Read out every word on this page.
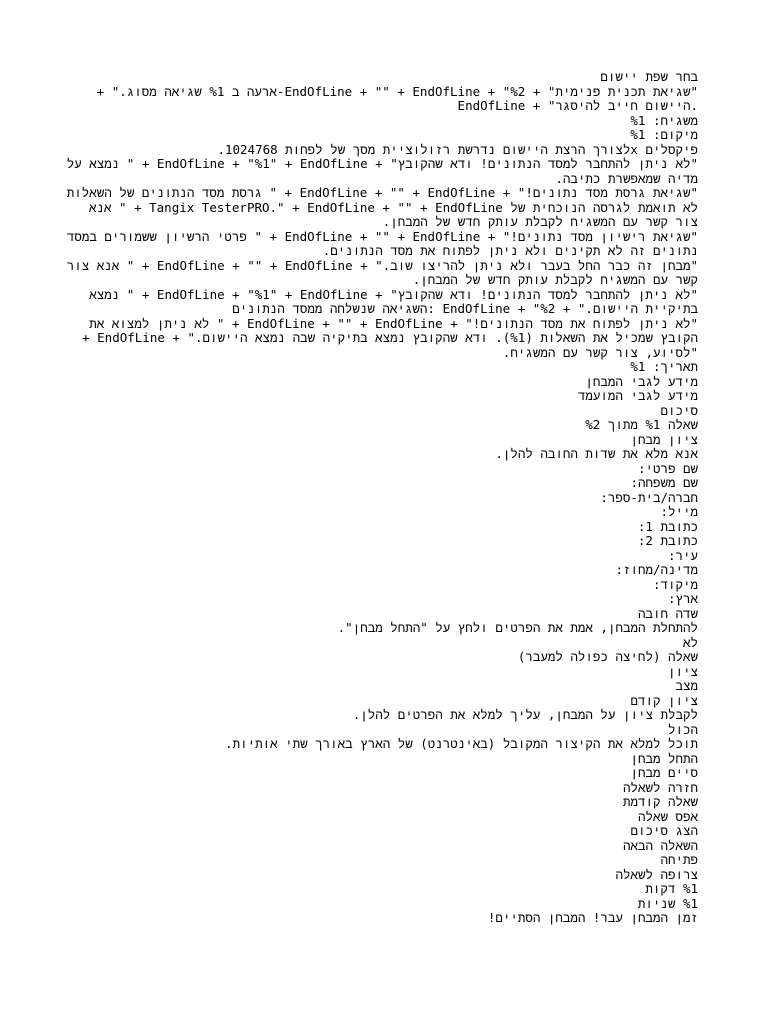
בחר שפת יישום
"שגיאת תכנית פנימית" + EndOfLine + "" + EndOfLine + "%2-ארעה ב %1 שגיאה מסוג." +
EndOfLine + "היישום חייב להיסגר.
משגיח: %1
מיקום: %1
פיקסלים xלצורך הרצת היישום נדרשת רזולוציית מסך של לפחות 1024768.
"לא ניתן להתחבר למסד הנתונים! ודא שהקובץ" + EndOfLine + "%1" + EndOfLine + " נמצא על
מדיה שמאפשרת כתיבה.
"שגיאת גרסת מסד נתונים!" + EndOfLine + "" + EndOfLine + " גרסת מסד הנתונים של השאלות
לא תואמת לגרסה הנוכחית של Tangix TesterPRO." + EndOfLine + "" + EndOfLine + " אנא
צור קשר עם המשגיח לקבלת עותק חדש של המבחן.
"שגיאת רישיון מסד נתונים!" + EndOfLine + "" + EndOfLine + " פרטי הרשיון ששמורים במסד
נתונים זה לא תקינים ולא ניתן לפתוח את מסד הנתונים.
"מבחן זה כבר החל בעבר ולא ניתן להריצו שוב." + EndOfLine + "" + EndOfLine + " אנא צור
קשר עם המשגיח לקבלת עותק חדש של המבחן.
"לא ניתן להתחבר למסד הנתונים! ודא שהקובץ" + EndOfLine + "%1" + EndOfLine + " נמצא
בתיקיית היישום." + EndOfLine + "%2 :השגיאה שנשלחה ממסד הנתונים
"לא ניתן לפתוח את מסד הנתונים!" + EndOfLine + "" + EndOfLine + " לא ניתן למצוא את
הקובץ שמכיל את השאלות (%1). ודא שהקובץ נמצא בתיקיה שבה נמצא היישום." + EndOfLine +
"לסיוע, צור קשר עם המשגיח.
תאריך: %1
מידע לגבי המבחן
מידע לגבי המועמד
סיכום
שאלה %1 מתוך %2
ציון מבחן
אנא מלא את שדות החובה להלן.
שם פרטי:
שם משפחה:
חברה/בית-ספר:
מייל:
כתובת 1:
כתובת 2:
עיר:
מדינה/מחוז:
מיקוד:
ארץ:
שדה חובה
להתחלת המבחן, אמת את הפרטים ולחץ על "התחל מבחן".
לא
שאלה (לחיצה כפולה למעבר)
ציון
מצב
ציון קודם
לקבלת ציון על המבחן, עליך למלא את הפרטים להלן.
הכול
תוכל למלא את הקיצור המקובל (באינטרנט) של הארץ באורך שתי אותיות.
התחל מבחן
סיים מבחן
חזרה לשאלה
שאלה קודמת
אפס שאלה
הצג סיכום
השאלה הבאה
פתיחה
צרופה לשאלה
%1 דקות
%1 שניות
זמן המבחן עבר! המבחן הסתיים!
